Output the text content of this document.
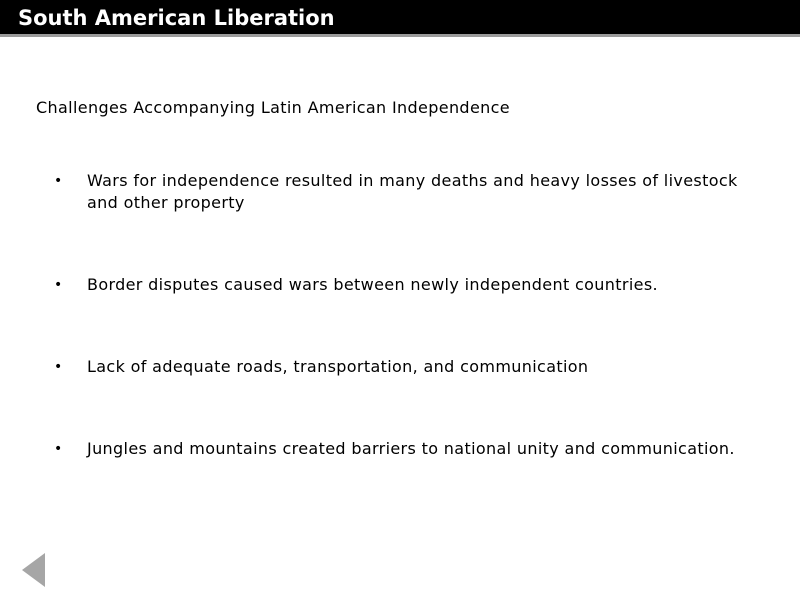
South American Liberation
Challenges Accompanying Latin American Independence
• Wars for independence resulted in many deaths and heavy losses of livestock and other property
• Border disputes caused wars between newly independent countries.
• Lack of adequate roads, transportation, and communication
• Jungles and mountains created barriers to national unity and communication.
